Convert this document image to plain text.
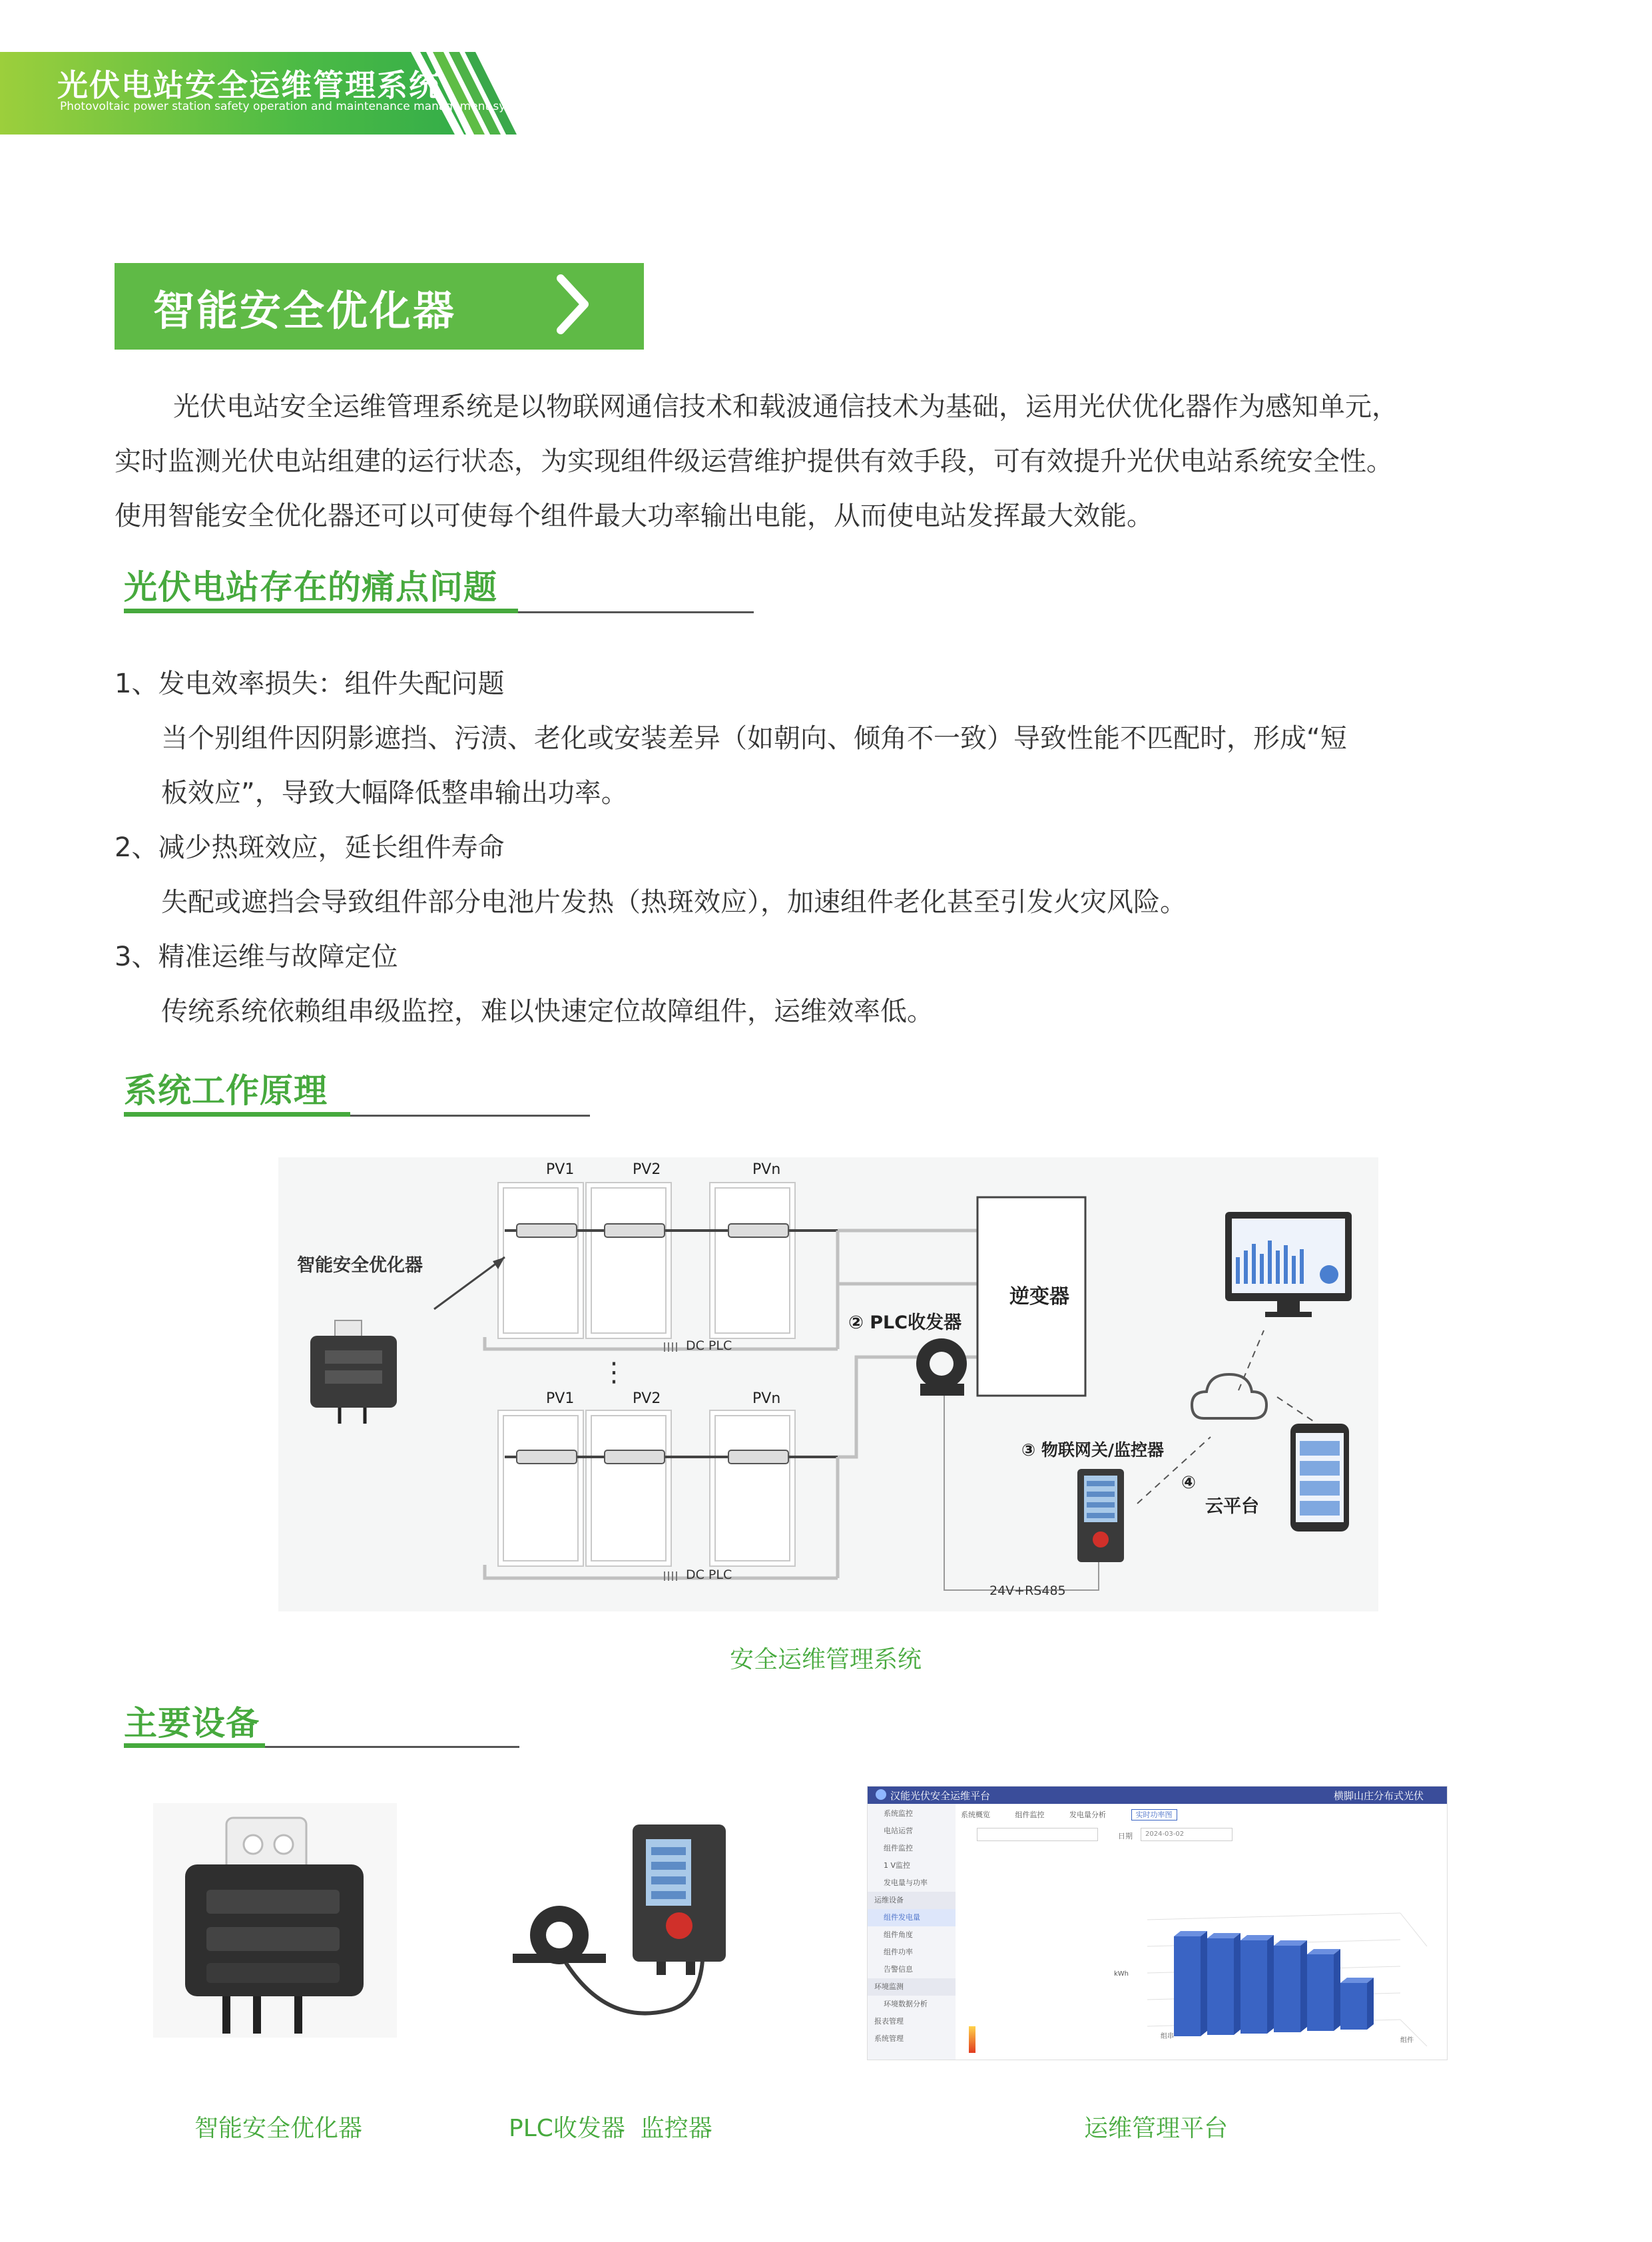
光伏电站安全运维管理系统
Photovoltaic power station safety operation and maintenance management system
智能安全优化器

光伏电站安全运维管理系统是以物联网通信技术和载波通信技术为基础，运用光伏优化器作为感知单元，

实时监测光伏电站组建的运行状态，为实现组件级运营维护提供有效手段，可有效提升光伏电站系统安全性。

使用智能安全优化器还可以可使每个组件最大功率输出电能，从而使电站发挥最大效能。

光伏电站存在的痛点问题

1、发电效率损失：组件失配问题

当个别组件因阴影遮挡、污渍、老化或安装差异（如朝向、倾角不一致）导致性能不匹配时，形成“短

板效应”，导致大幅降低整串输出功率。

2、减少热斑效应，延长组件寿命

失配或遮挡会导致组件部分电池片发热（热斑效应），加速组件老化甚至引发火灾风险。

3、精准运维与故障定位

传统系统依赖组串级监控，难以快速定位故障组件，运维效率低。

系统工作原理
智能安全优化器
PV1	PV2	PVn
PV1	PV2	PVn
DC PLC
DC PLC
⋮
逆变器
② PLC收发器
③ 物联网关/监控器
④
云平台
24V+RS485
安全运维管理系统
主要设备
汉能光伏安全运维平台	横脚山庄分布式光伏
系统监控
电站运营
组件监控
1 V监控
发电量与功率
运维设备
组件发电量
组件角度
组件功率
告警信息
环境监测
环境数据分析
报表管理
系统管理
系统概览	组件监控	发电量分析	实时功率图
日期	2024-03-02
kWh
组串
组件
智能安全优化器	PLC收发器  监控器	运维管理平台
